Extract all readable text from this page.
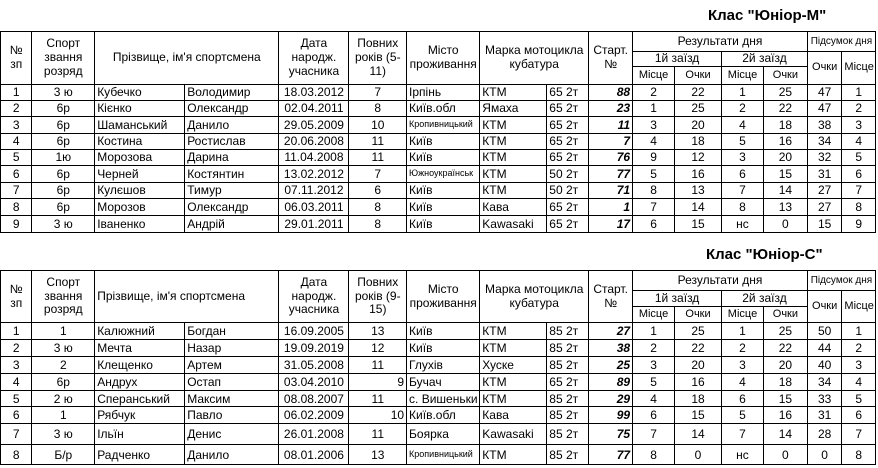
Клас "Юніор-М"
№ зп	Спорт звання розряд	Прізвище, ім'я спортсмена		Дата народж. учасника	Повних років (5-11)	Місто проживання	Марка мотоцикла кубатура		Старт. №	Результати дня				Підсумок дня	
										1й заїзд		2й заїзд		Очки	Місце
										Місце	Очки	Місце	Очки		
1	3 ю	Кубечко	Володимир	18.03.2012	7	Ірпінь	КТМ	65 2т	88	2	22	1	25	47	1
2	6р	Кієнко	Олександр	02.04.2011	8	Київ.обл	Ямаха	65 2т	23	1	25	2	22	47	2
3	6р	Шаманський	Данило	29.05.2009	10	Кропивницький	КТМ	65 2т	11	3	20	4	18	38	3
4	6р	Костина	Ростислав	20.06.2008	11	Київ	КТМ	65 2т	7	4	18	5	16	34	4
5	1ю	Морозова	Дарина	11.04.2008	11	Київ	КТМ	65 2т	76	9	12	3	20	32	5
6	6р	Черней	Костянтин	13.02.2012	7	Южноукраїнськ	КТМ	50 2т	77	5	16	6	15	31	6
7	6р	Кулєшов	Тимур	07.11.2012	6	Київ	КТМ	50 2т	71	8	13	7	14	27	7
8	6р	Морозов	Олександр	06.03.2011	8	Київ	Кава	65 2т	1	7	14	8	13	27	8
9	3 ю	Іваненко	Андрій	29.01.2011	8	Київ	Kawasaki	65 2т	17	6	15	нс	0	15	9
Клас "Юніор-С"
№ зп	Спорт звання розряд	Прізвище, ім'я спортсмена		Дата народж. учасника	Повних років (9-15)	Місто проживання	Марка мотоцикла кубатура		Старт. №	Результати дня				Підсумок дня	
										1й заїзд		2й заїзд		Очки	Місце
										Місце	Очки	Місце	Очки		
1	1	Калюжний	Богдан	16.09.2005	13	Київ	КТМ	85 2т	27	1	25	1	25	50	1
2	3 ю	Мечта	Назар	19.09.2019	12	Київ	КТМ	85 2т	38	2	22	2	22	44	2
3	2	Клещенко	Артем	31.05.2008	11	Глухів	Хуске	85 2т	25	3	20	3	20	40	3
4	6р	Андрух	Остап	03.04.2010	9	Бучач	КТМ	65 2т	89	5	16	4	18	34	4
5	2 ю	Сперанський	Максим	08.08.2007	11	с. Вишеньки	КТМ	85 2т	29	4	18	6	15	33	5
6	1	Рябчук	Павло	06.02.2009	10	Київ.обл	Кава	85 2т	99	6	15	5	16	31	6
7	3 ю	Ільїн	Денис	26.01.2008	11	Боярка	Kawasaki	85 2т	75	7	14	7	14	28	7
8	Б/р	Радченко	Данило	08.01.2006	13	Кропивницький	КТМ	85 2т	77	8	0	нс	0	0	8
